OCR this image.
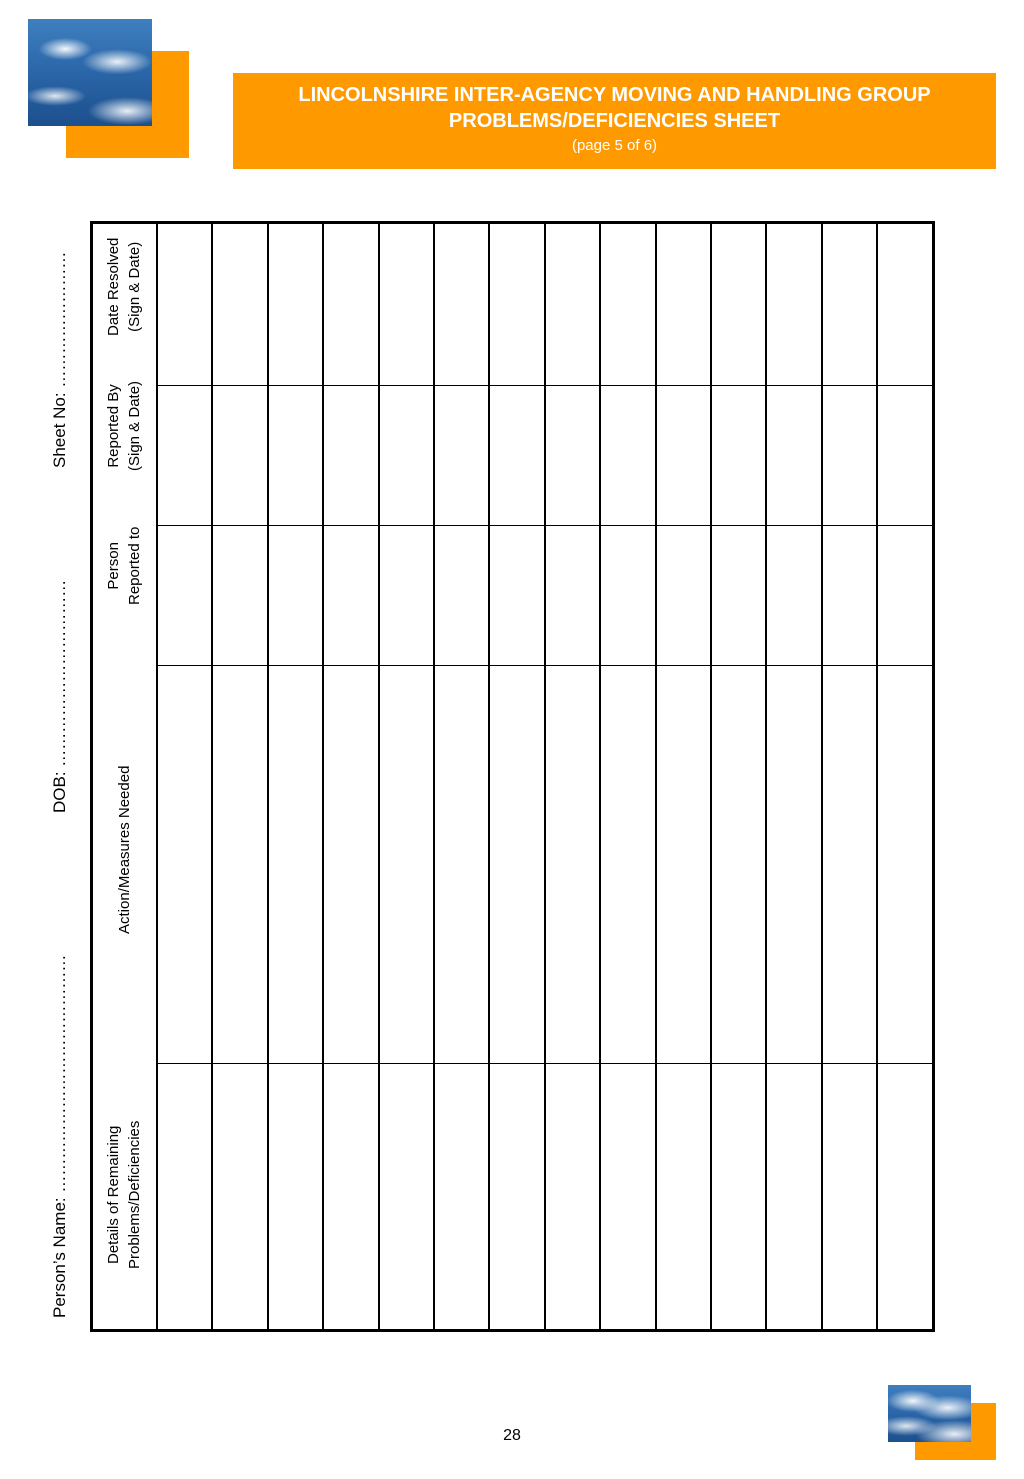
LINCOLNSHIRE INTER-AGENCY MOVING AND HANDLING GROUP
PROBLEMS/DEFICIENCIES SHEET
(page 5 of 6)
Person’s Name: ……………………………………
DOB: ……………………………
Sheet No: ……………………
Details of Remaining Problems/Deficiencies
Action/Measures Needed
Person Reported to
Reported By (Sign & Date)
Date Resolved (Sign & Date)
28
